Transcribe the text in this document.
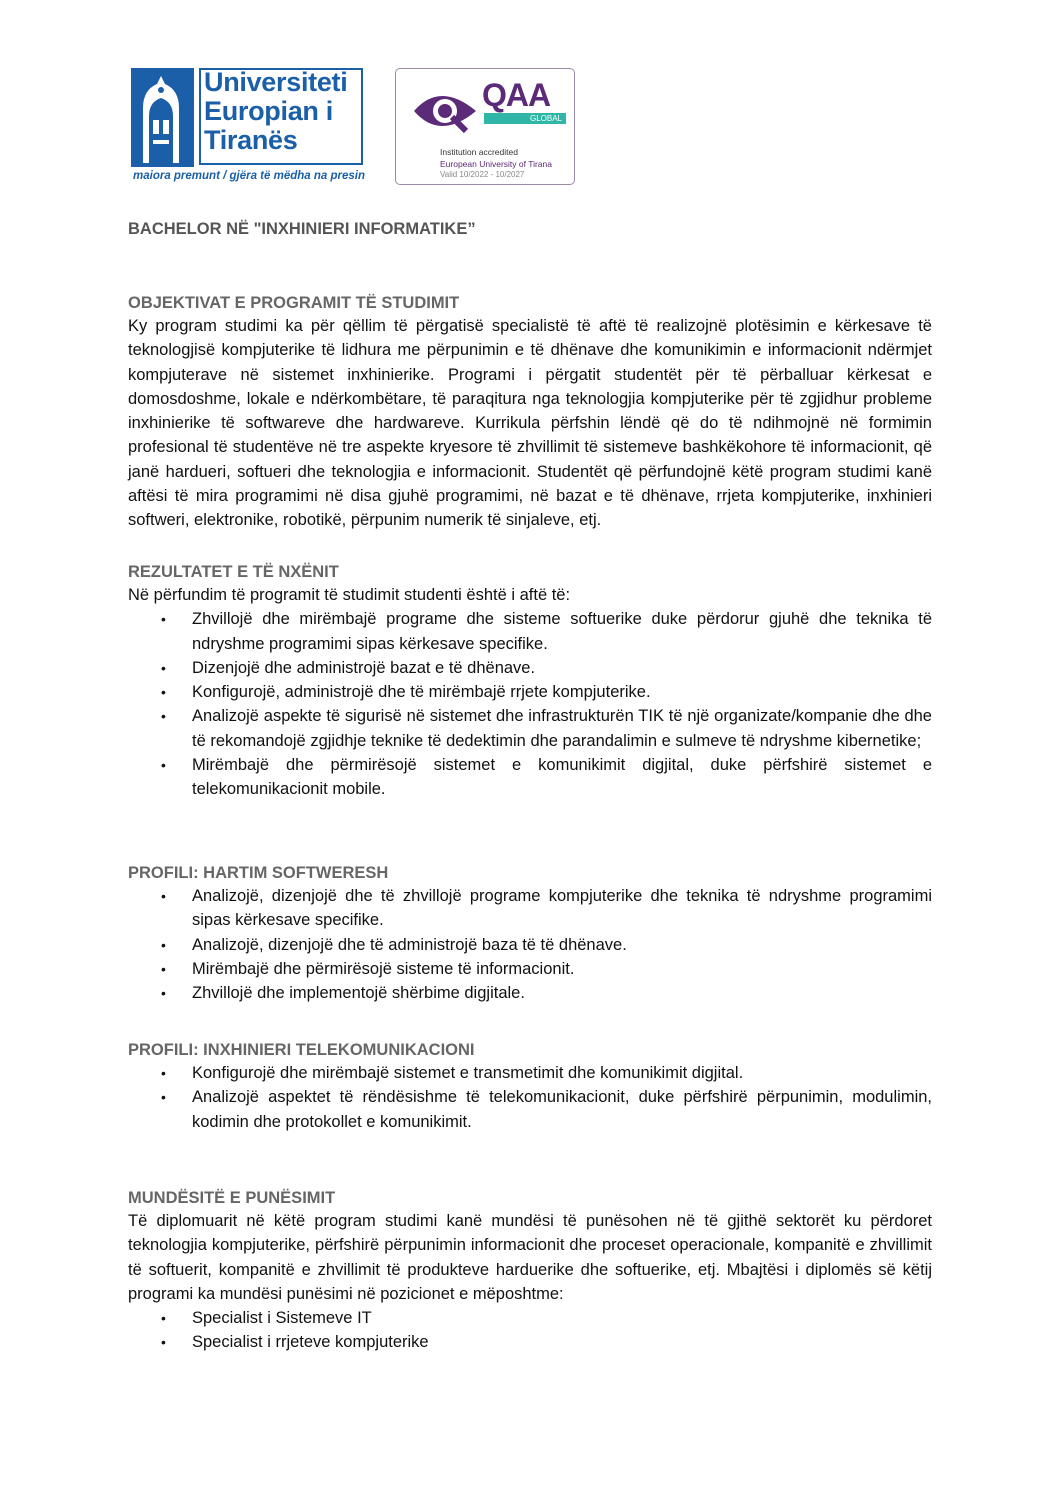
Universiteti
Europian i
Tiranës
maiora premunt / gjëra të mëdha na presin
QAA
GLOBAL
Institution accredited
European University of Tirana
Valid 10/2022 - 10/2027
BACHELOR NË "INXHINIERI INFORMATIKE”
OBJEKTIVAT E PROGRAMIT TË STUDIMIT

Ky program studimi ka për qëllim të përgatisë specialistë të aftë të realizojnë plotësimin e kërkesave të teknologjisë kompjuterike të lidhura me përpunimin e të dhënave dhe komunikimin e informacionit ndërmjet kompjuterave në sistemet inxhinierike. Programi i përgatit studentët për të përballuar kërkesat e domosdoshme, lokale e ndërkombëtare, të paraqitura nga teknologjia kompjuterike për të zgjidhur probleme inxhinierike të softwareve dhe hardwareve. Kurrikula përfshin lëndë që do të ndihmojnë në formimin profesional të studentëve në tre aspekte kryesore të zhvillimit të sistemeve bashkëkohore të informacionit, që janë hardueri, softueri dhe teknologjia e informacionit. Studentët që përfundojnë këtë program studimi kanë aftësi të mira programimi në disa gjuhë programimi, në bazat e të dhënave, rrjeta kompjuterike, inxhinieri softweri, elektronike, robotikë, përpunim numerik të sinjaleve, etj.

REZULTATET E TË NXËNIT

Në përfundim të programit të studimit studenti është i aftë të:

• Zhvillojë dhe mirëmbajë programe dhe sisteme softuerike duke përdorur gjuhë dhe teknika të ndryshme programimi sipas kërkesave specifike.
• Dizenjojë dhe administrojë bazat e të dhënave.
• Konfigurojë, administrojë dhe të mirëmbajë rrjete kompjuterike.
• Analizojë aspekte të sigurisë në sistemet dhe infrastrukturën TIK të një organizate/kompanie dhe dhe të rekomandojë zgjidhje teknike të dedektimin dhe parandalimin e sulmeve të ndryshme kibernetike;
• Mirëmbajë dhe përmirësojë sistemet e komunikimit digjital, duke përfshirë sistemet e telekomunikacionit mobile.
PROFILI: HARTIM SOFTWERESH
• Analizojë, dizenjojë dhe të zhvillojë programe kompjuterike dhe teknika të ndryshme programimi sipas kërkesave specifike.
• Analizojë, dizenjojë dhe të administrojë baza të të dhënave.
• Mirëmbajë dhe përmirësojë sisteme të informacionit.
• Zhvillojë dhe implementojë shërbime digjitale.
PROFILI: INXHINIERI TELEKOMUNIKACIONI
• Konfigurojë dhe mirëmbajë sistemet e transmetimit dhe komunikimit digjital.
• Analizojë aspektet të rëndësishme të telekomunikacionit, duke përfshirë përpunimin, modulimin, kodimin dhe protokollet e komunikimit.
MUNDËSITË E PUNËSIMIT

Të diplomuarit në këtë program studimi kanë mundësi të punësohen në të gjithë sektorët ku përdoret teknologjia kompjuterike, përfshirë përpunimin informacionit dhe proceset operacionale, kompanitë e zhvillimit të softuerit, kompanitë e zhvillimit të produkteve harduerike dhe softuerike, etj. Mbajtësi i diplomës së këtij programi ka mundësi punësimi në pozicionet e mëposhtme:

• Specialist i Sistemeve IT
• Specialist i rrjeteve kompjuterike
